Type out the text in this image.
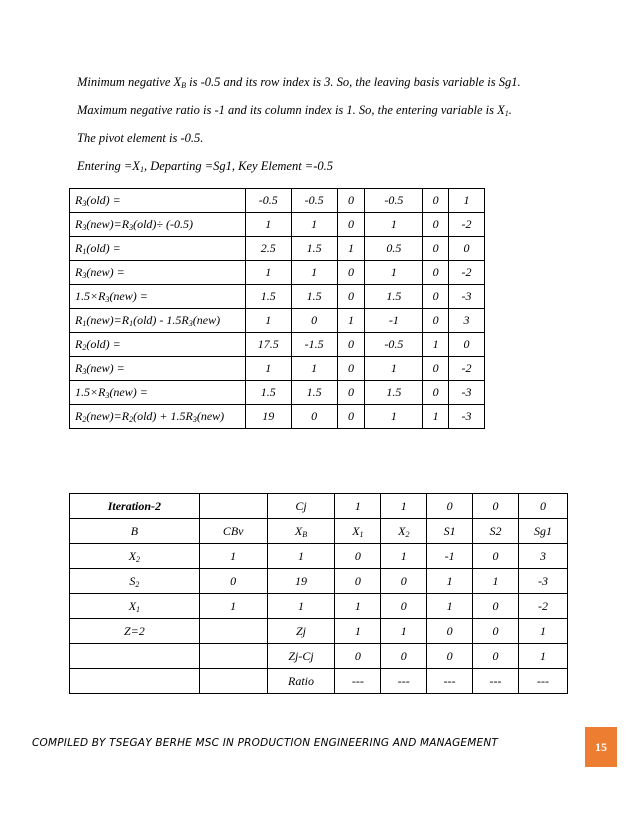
Minimum negative $X_B$ is -0.5 and its row index is 3. So, the leaving basis variable is Sg1.
Maximum negative ratio is -1 and its column index is 1. So, the entering variable is $X_1$.
The pivot element is -0.5.
Entering $=X_1$, Departing =Sg1, Key Element =-0.5
$R_3(old)$ =	-0.5	-0.5	0	-0.5	0	1
$R_3(new)=R_3(old)\div (-0.5)$	1	1	0	1	0	-2
$R_1(old)$ =	2.5	1.5	1	0.5	0	0
$R_3(new)$ =	1	1	0	1	0	-2
$1.5\times R_3(new)$ =	1.5	1.5	0	1.5	0	-3
$R_1(new)=R_1(old) - 1.5R_3(new)$	1	0	1	-1	0	3
$R_2(old)$ =	17.5	-1.5	0	-0.5	1	0
$R_3(new)$ =	1	1	0	1	0	-2
$1.5\times R_3(new)$ =	1.5	1.5	0	1.5	0	-3
$R_2(new)=R_2(old) + 1.5R_3(new)$	19	0	0	1	1	-3
Iteration-2		Cj	1	1	0	0	0
B	CBv	$X_B$	$X_1$	$X_2$	S1	S2	Sg1
$X_2$	1	1	0	1	-1	0	3
$S_2$	0	19	0	0	1	1	-3
$X_1$	1	1	1	0	1	0	-2
Z=2		Zj	1	1	0	0	1
		Zj-Cj	0	0	0	0	1
		Ratio	---	---	---	---	---
COMPILED BY TSEGAY BERHE MSC IN PRODUCTION ENGINEERING AND MANAGEMENT	15
